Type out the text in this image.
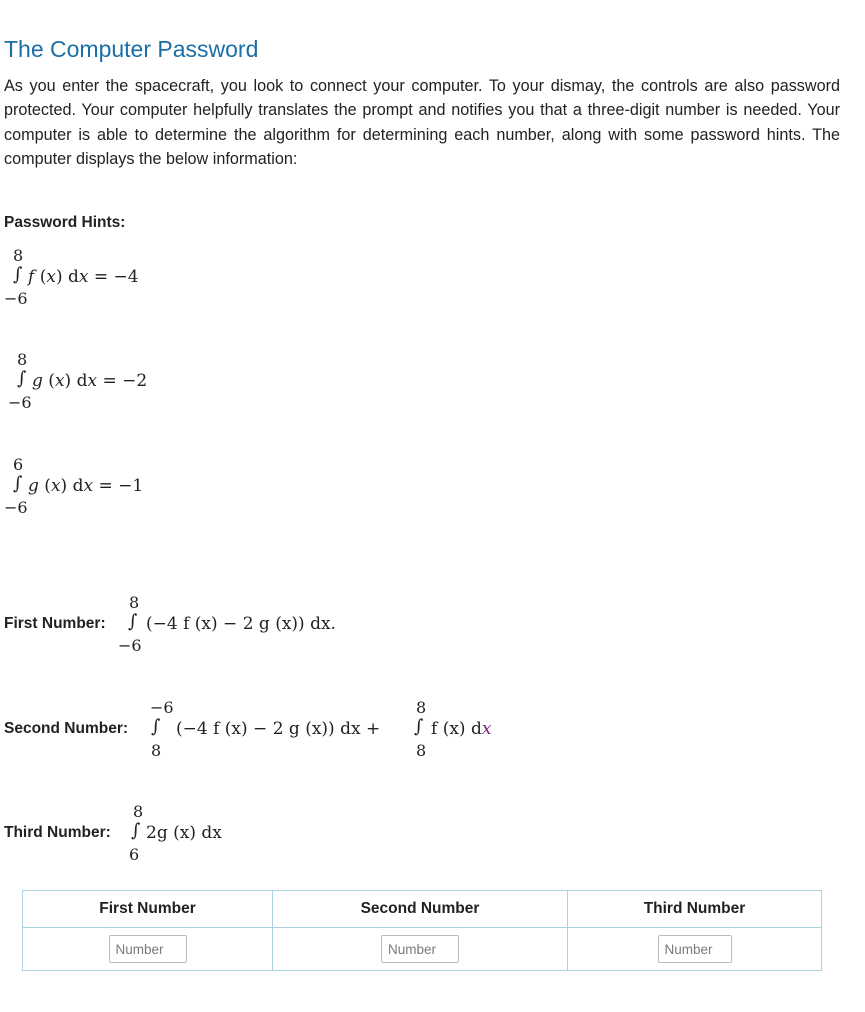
The Computer Password

As you enter the spacecraft, you look to connect your computer. To your dismay, the controls are also password protected. Your computer helpfully translates the prompt and notifies you that a three-digit number is needed. Your computer is able to determine the algorithm for determining each number, along with some password hints. The computer displays the below information:

Password Hints:
8
∫
−6
f (x) dx = −4
8
∫
−6
g (x) dx = −2
6
∫
−6
g (x) dx = −1
First Number:
8
∫
−6
(−4 f (x) − 2 g (x)) dx.
Second Number:
−6
∫
8
(−4 f (x) − 2 g (x)) dx +
8
∫
8
f (x) dx
Third Number:
8
∫
6
2g (x) dx
First Number	Second Number	Third Number
Number	Number	Number
